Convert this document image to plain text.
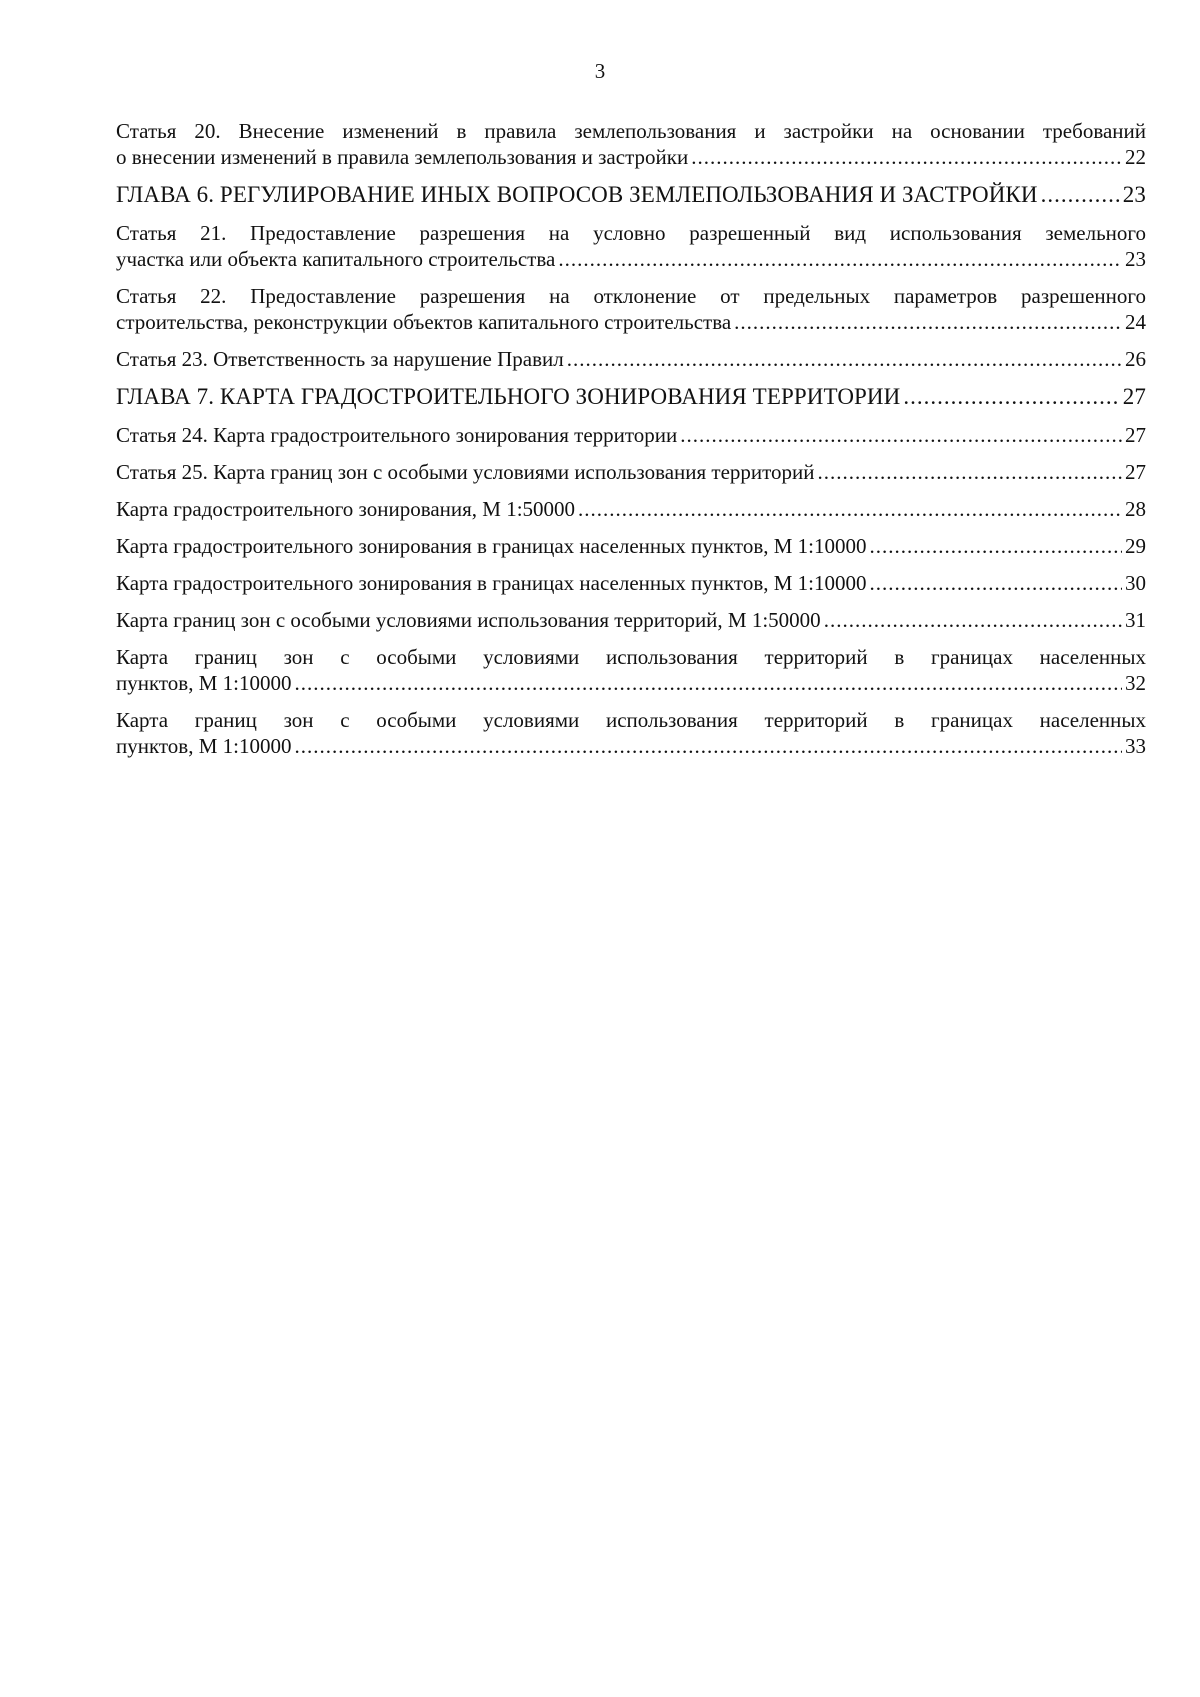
3
Статья 20. Внесение изменений в правила землепользования и застройки на основании требований
о внесении изменений в правила землепользования и застройки .....	22
ГЛАВА 6. РЕГУЛИРОВАНИЕ ИНЫХ ВОПРОСОВ ЗЕМЛЕПОЛЬЗОВАНИЯ И ЗАСТРОЙКИ .....	23
Статья 21. Предоставление разрешения на условно разрешенный вид использования земельного
участка или объекта капитального строительства .....	23
Статья 22. Предоставление разрешения на отклонение от предельных параметров разрешенного
строительства, реконструкции объектов капитального строительства .....	24
Статья 23. Ответственность за нарушение Правил .....	26
ГЛАВА 7. КАРТА ГРАДОСТРОИТЕЛЬНОГО ЗОНИРОВАНИЯ ТЕРРИТОРИИ .....	27
Статья 24. Карта градостроительного зонирования территории .....	27
Статья 25. Карта границ зон с особыми условиями использования территорий .....	27
Карта градостроительного зонирования, М 1:50000 .....	28
Карта градостроительного зонирования в границах населенных пунктов, М 1:10000 .....	29
Карта градостроительного зонирования в границах населенных пунктов, М 1:10000 .....	30
Карта границ зон с особыми условиями использования территорий, М 1:50000 .....	31
Карта границ зон с особыми условиями использования территорий в границах населенных
пунктов, М 1:10000 .....	32
Карта границ зон с особыми условиями использования территорий в границах населенных
пунктов, М 1:10000 .....	33
